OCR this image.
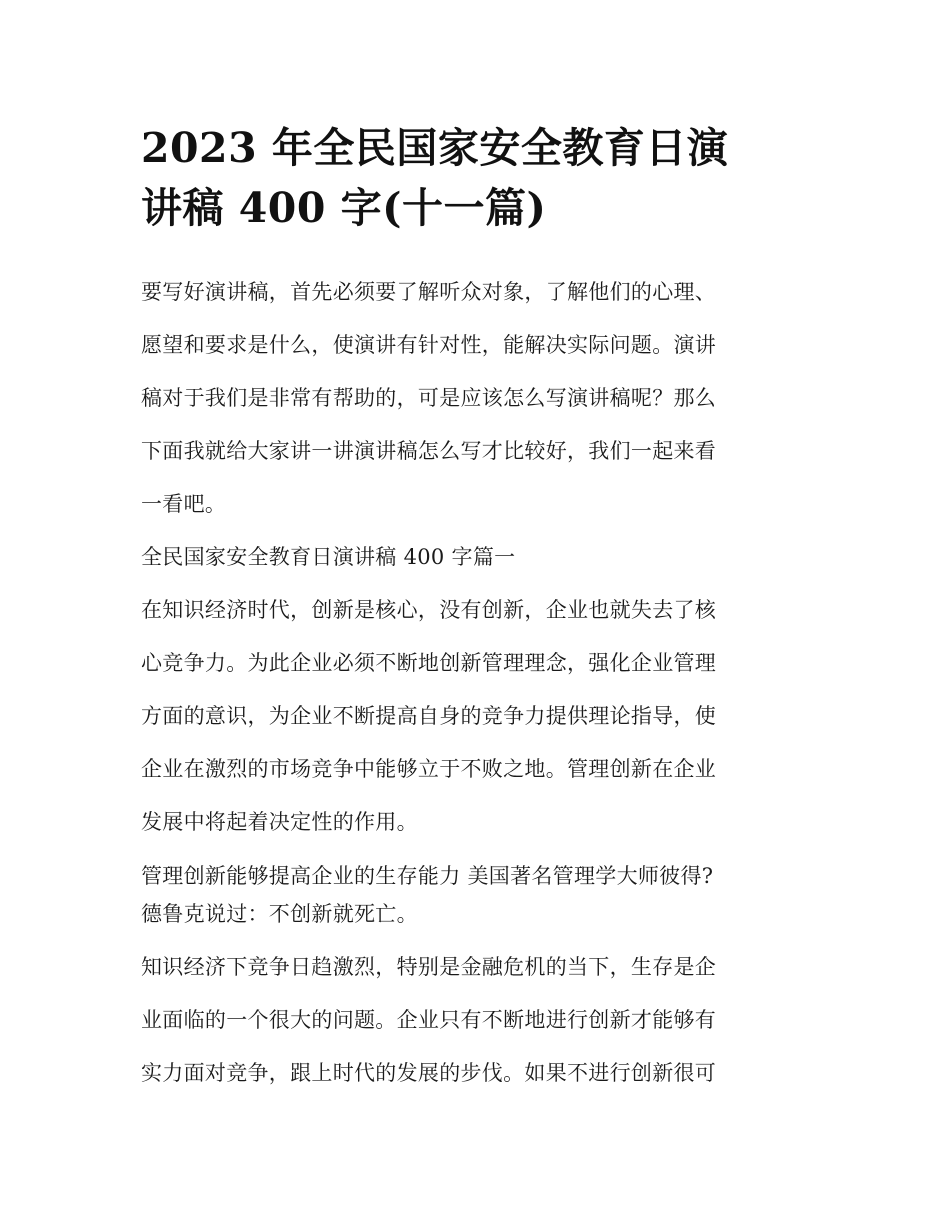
2023 年全民国家安全教育日演
讲稿 400 字(十一篇)

要写好演讲稿，首先必须要了解听众对象，了解他们的心理、
愿望和要求是什么，使演讲有针对性，能解决实际问题。演讲
稿对于我们是非常有帮助的，可是应该怎么写演讲稿呢？那么
下面我就给大家讲一讲演讲稿怎么写才比较好，我们一起来看
一看吧。

全民国家安全教育日演讲稿 400 字篇一

在知识经济时代，创新是核心，没有创新，企业也就失去了核
心竞争力。为此企业必须不断地创新管理理念，强化企业管理
方面的意识，为企业不断提高自身的竞争力提供理论指导，使
企业在激烈的市场竞争中能够立于不败之地。管理创新在企业
发展中将起着决定性的作用。

管理创新能够提高企业的生存能力 美国著名管理学大师彼得?
德鲁克说过：不创新就死亡。

知识经济下竞争日趋激烈，特别是金融危机的当下，生存是企
业面临的一个很大的问题。企业只有不断地进行创新才能够有
实力面对竞争，跟上时代的发展的步伐。如果不进行创新很可
